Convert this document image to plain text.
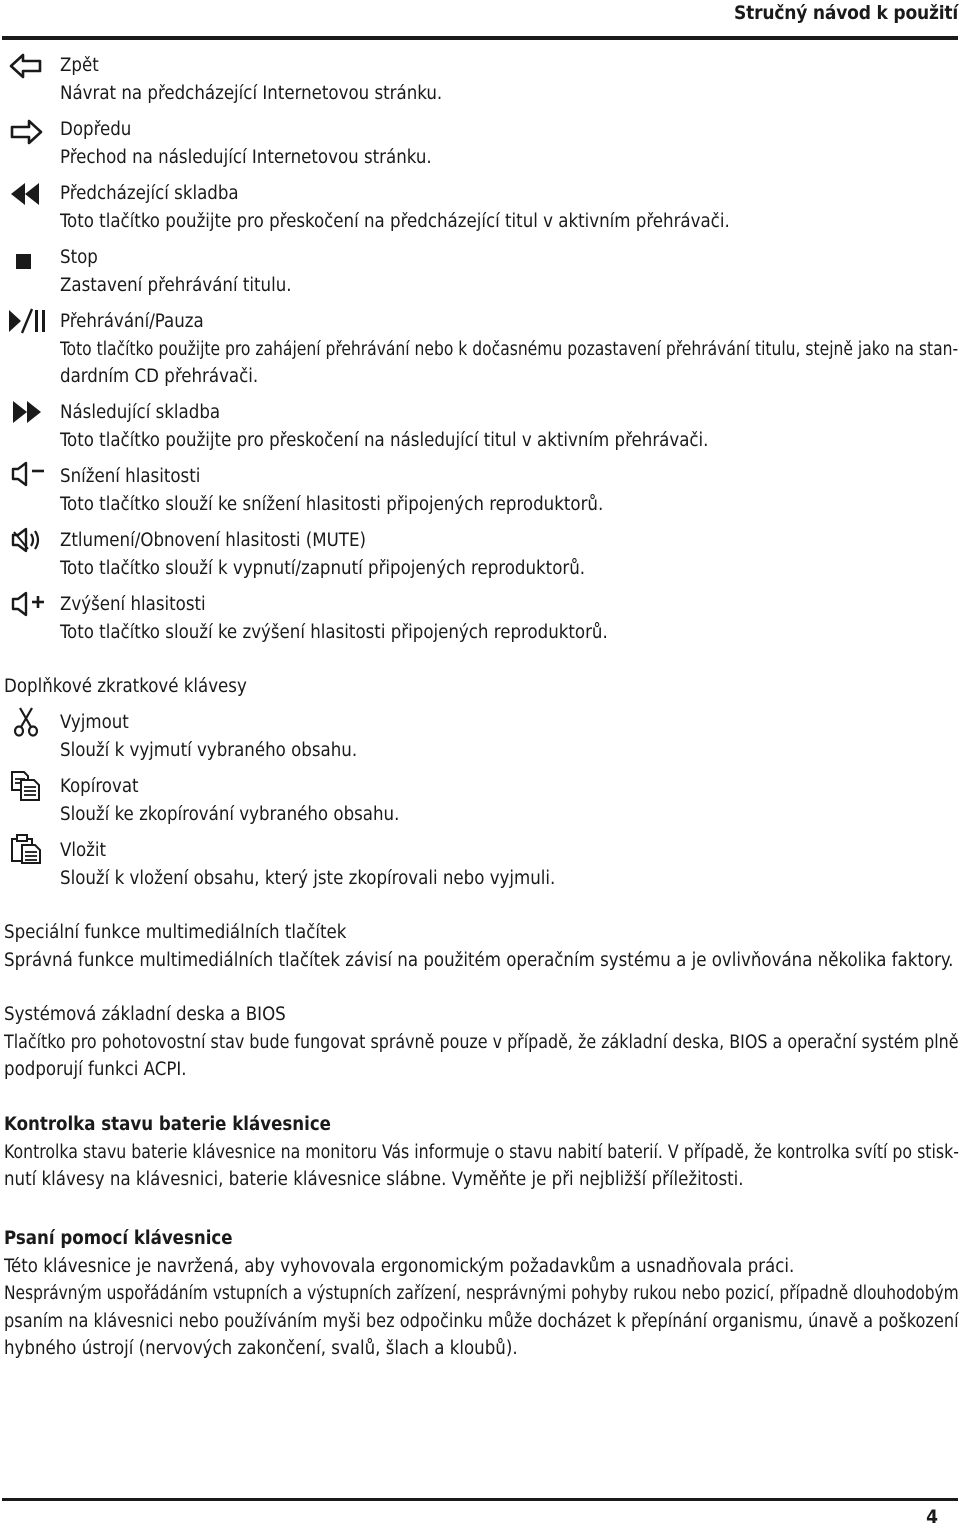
Stručný návod k použití
Zpět
Návrat na předcházející Internetovou stránku.
Dopředu
Přechod na následující Internetovou stránku.
Předcházející skladba
Toto tlačítko použijte pro přeskočení na předcházející titul v aktivním přehrávači.
Stop
Zastavení přehrávání titulu.
Přehrávání/Pauza
Toto tlačítko použijte pro zahájení přehrávání nebo k dočasnému pozastavení přehrávání titulu, stejně jako na stan-
dardním CD přehrávači.
Následující skladba
Toto tlačítko použijte pro přeskočení na následující titul v aktivním přehrávači.
Snížení hlasitosti
Toto tlačítko slouží ke snížení hlasitosti připojených reproduktorů.
Ztlumení/Obnovení hlasitosti (MUTE)
Toto tlačítko slouží k vypnutí/zapnutí připojených reproduktorů.
Zvýšení hlasitosti
Toto tlačítko slouží ke zvýšení hlasitosti připojených reproduktorů.
Doplňkové zkratkové klávesy
Vyjmout
Slouží k vyjmutí vybraného obsahu.
Kopírovat
Slouží ke zkopírování vybraného obsahu.
Vložit
Slouží k vložení obsahu, který jste zkopírovali nebo vyjmuli.
Speciální funkce multimediálních tlačítek
Správná funkce multimediálních tlačítek závisí na použitém operačním systému a je ovlivňována několika faktory.
Systémová základní deska a BIOS
Tlačítko pro pohotovostní stav bude fungovat správně pouze v případě, že základní deska, BIOS a operační systém plně
podporují funkci ACPI.
Kontrolka stavu baterie klávesnice
Kontrolka stavu baterie klávesnice na monitoru Vás informuje o stavu nabití baterií. V případě, že kontrolka svítí po stisk-
nutí klávesy na klávesnici, baterie klávesnice slábne. Vyměňte je při nejbližší příležitosti.
Psaní pomocí klávesnice
Této klávesnice je navržená, aby vyhovovala ergonomickým požadavkům a usnadňovala práci.
Nesprávným uspořádáním vstupních a výstupních zařízení, nesprávnými pohyby rukou nebo pozicí, případně dlouhodobým
psaním na klávesnici nebo používáním myši bez odpočinku může docházet k přepínání organismu, únavě a poškození
hybného ústrojí (nervových zakončení, svalů, šlach a kloubů).
4
